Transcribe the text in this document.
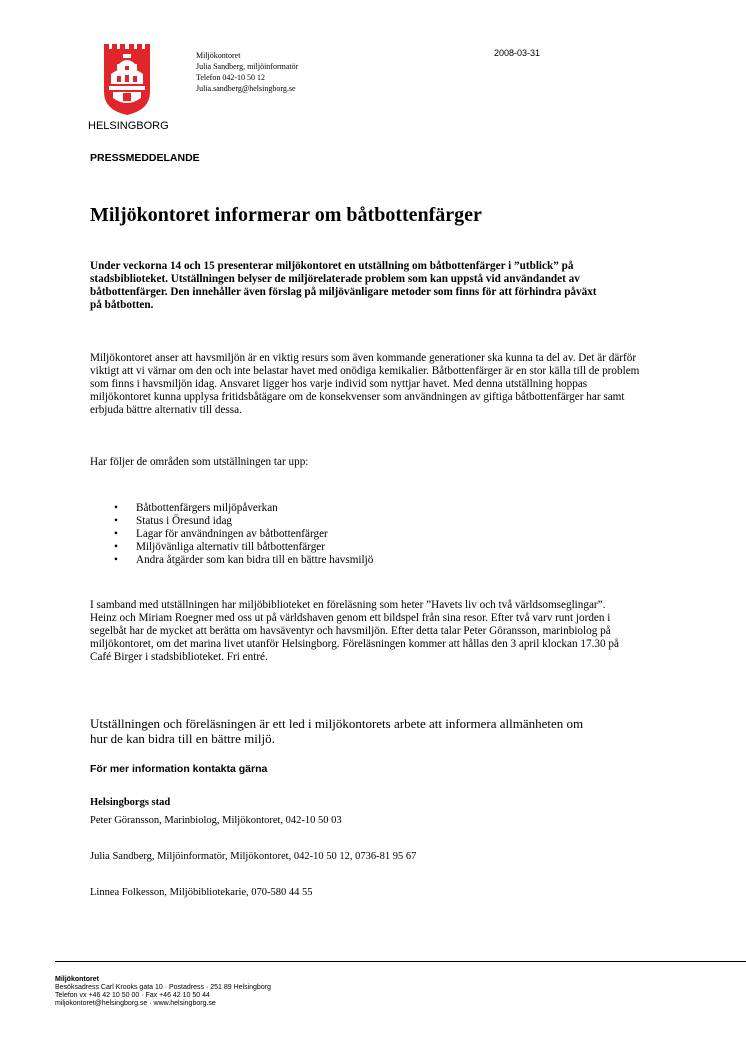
HELSINGBORG
Miljökontoret
Julia Sandberg, miljöinformatör
Telefon 042-10 50 12
Julia.sandberg@helsingborg.se
2008-03-31
PRESSMEDDELANDE
Miljökontoret informerar om båtbottenfärger
Under veckorna 14 och 15 presenterar miljökontoret en utställning om båtbottenfärger i ”utblick” på stadsbiblioteket. Utställningen belyser de miljörelaterade problem som kan uppstå vid användandet av båtbottenfärger. Den innehåller även förslag på miljövänligare metoder som finns för att förhindra påväxt på båtbotten.
Miljökontoret anser att havsmiljön är en viktig resurs som även kommande generationer ska kunna ta del av. Det är därför viktigt att vi värnar om den och inte belastar havet med onödiga kemikalier. Båtbottenfärger är en stor källa till de problem som finns i havsmiljön idag. Ansvaret ligger hos varje individ som nyttjar havet. Med denna utställning hoppas miljökontoret kunna upplysa fritidsbåtägare om de konsekvenser som användningen av giftiga båtbottenfärger har samt erbjuda bättre alternativ till dessa.
Har följer de områden som utställningen tar upp:
• Båtbottenfärgers miljöpåverkan
• Status i Öresund idag
• Lagar för användningen av båtbottenfärger
• Miljövänliga alternativ till båtbottenfärger
• Andra åtgärder som kan bidra till en bättre havsmiljö
I samband med utställningen har miljöbiblioteket en föreläsning som heter ”Havets liv och två världsomseglingar”. Heinz och Miriam Roegner med oss ut på världshaven genom ett bildspel från sina resor. Efter två varv runt jorden i segelbåt har de mycket att berätta om havsäventyr och havsmiljön. Efter detta talar Peter Göransson, marinbiolog på miljökontoret, om det marina livet utanför Helsingborg. Föreläsningen kommer att hållas den 3 april klockan 17.30 på Café Birger i stadsbiblioteket. Fri entré.
Utställningen och föreläsningen är ett led i miljökontorets arbete att informera allmänheten om hur de kan bidra till en bättre miljö.
För mer information kontakta gärna
Helsingborgs stad
Peter Göransson, Marinbiolog, Miljökontoret, 042-10 50 03
Julia Sandberg, Miljöinformatör, Miljökontoret, 042-10 50 12, 0736-81 95 67
Linnea Folkesson, Miljöbibliotekarie, 070-580 44 55
Miljökontoret
Besöksadress Carl Krooks gata 10 · Postadress · 251 89 Helsingborg
Telefon vx +46 42 10 50 00 · Fax +46 42 10 50 44
miljokontoret@helsingborg.se · www.helsingborg.se
